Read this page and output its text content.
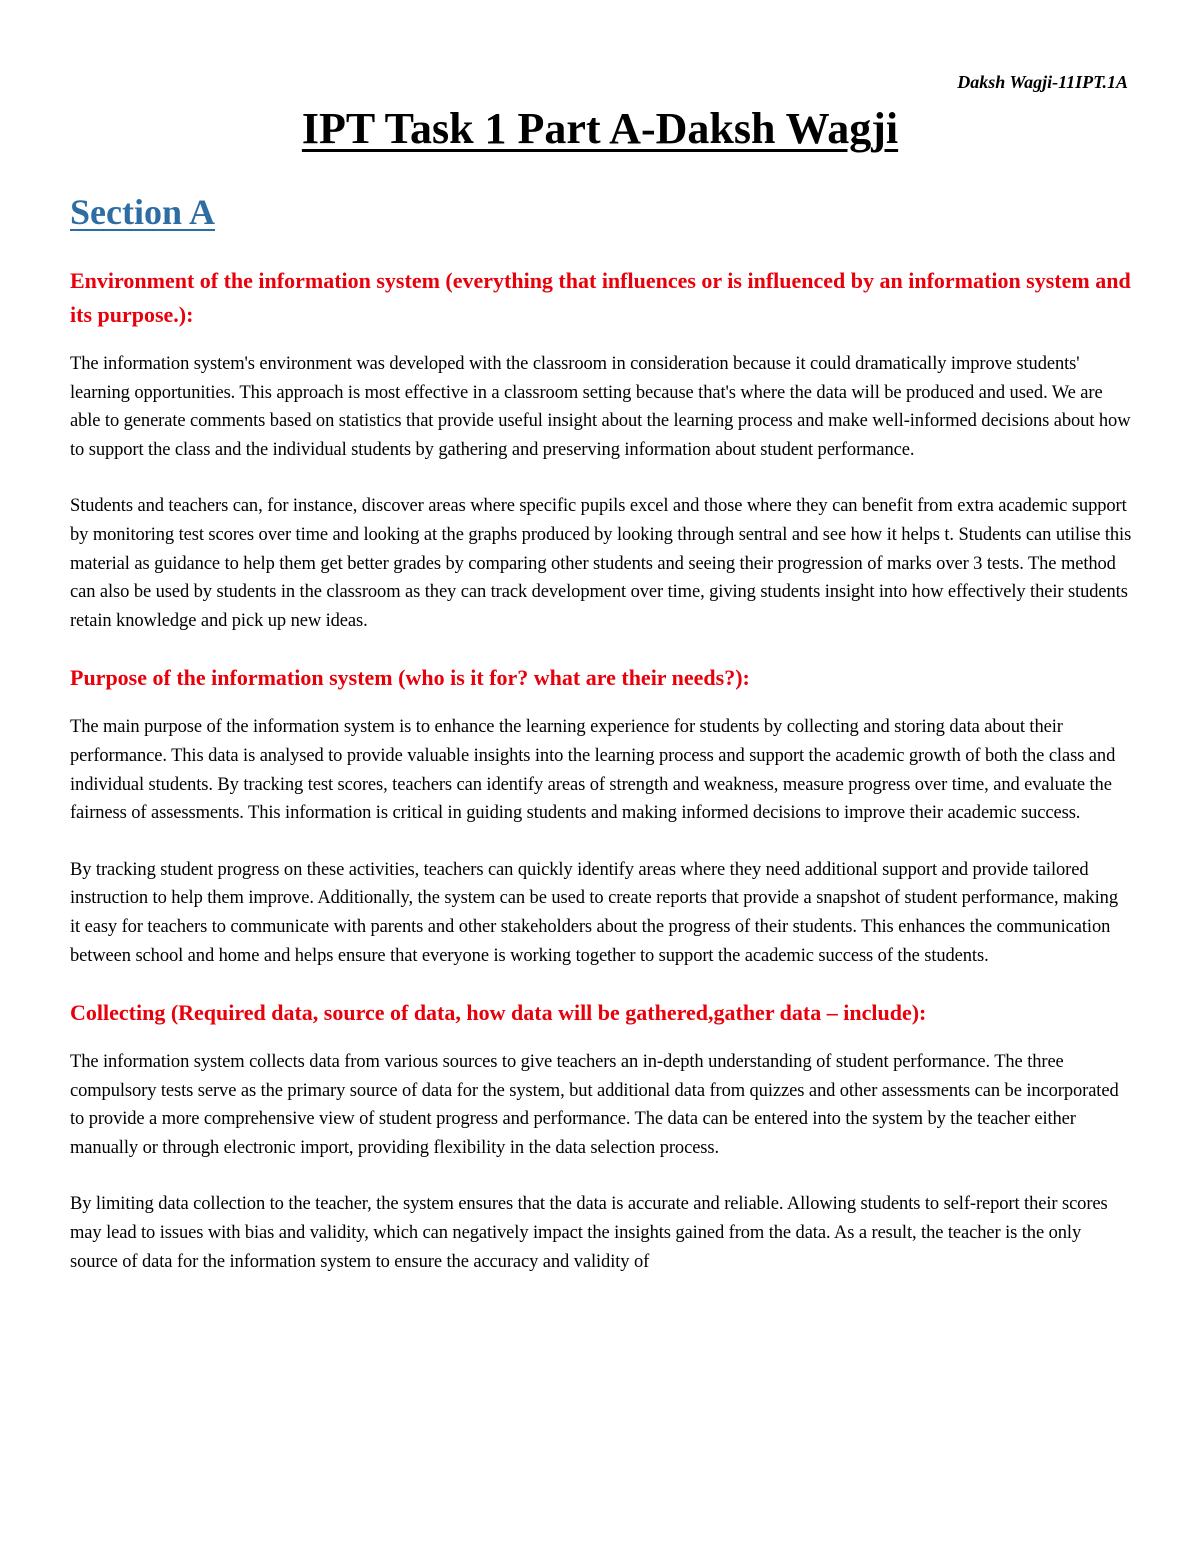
Daksh Wagji-11IPT.1A
IPT Task 1 Part A-Daksh Wagji
Section A
Environment of the information system (everything that influences or is influenced by an information system and its purpose.):

The information system's environment was developed with the classroom in consideration because it could dramatically improve students' learning opportunities. This approach is most effective in a classroom setting because that's where the data will be produced and used. We are able to generate comments based on statistics that provide useful insight about the learning process and make well-informed decisions about how to support the class and the individual students by gathering and preserving information about student performance.

Students and teachers can, for instance, discover areas where specific pupils excel and those where they can benefit from extra academic support by monitoring test scores over time and looking at the graphs produced by looking through sentral and see how it helps t. Students can utilise this material as guidance to help them get better grades by comparing other students and seeing their progression of marks over 3 tests. The method can also be used by students in the classroom as they can track development over time, giving students insight into how effectively their students retain knowledge and pick up new ideas.

Purpose of the information system (who is it for? what are their needs?):

The main purpose of the information system is to enhance the learning experience for students by collecting and storing data about their performance. This data is analysed to provide valuable insights into the learning process and support the academic growth of both the class and individual students. By tracking test scores, teachers can identify areas of strength and weakness, measure progress over time, and evaluate the fairness of assessments. This information is critical in guiding students and making informed decisions to improve their academic success.

By tracking student progress on these activities, teachers can quickly identify areas where they need additional support and provide tailored instruction to help them improve. Additionally, the system can be used to create reports that provide a snapshot of student performance, making it easy for teachers to communicate with parents and other stakeholders about the progress of their students. This enhances the communication between school and home and helps ensure that everyone is working together to support the academic success of the students.

Collecting (Required data, source of data, how data will be gathered,gather data – include):

The information system collects data from various sources to give teachers an in-depth understanding of student performance. The three compulsory tests serve as the primary source of data for the system, but additional data from quizzes and other assessments can be incorporated to provide a more comprehensive view of student progress and performance. The data can be entered into the system by the teacher either manually or through electronic import, providing flexibility in the data selection process.

By limiting data collection to the teacher, the system ensures that the data is accurate and reliable. Allowing students to self-report their scores may lead to issues with bias and validity, which can negatively impact the insights gained from the data. As a result, the teacher is the only source of data for the information system to ensure the accuracy and validity of
